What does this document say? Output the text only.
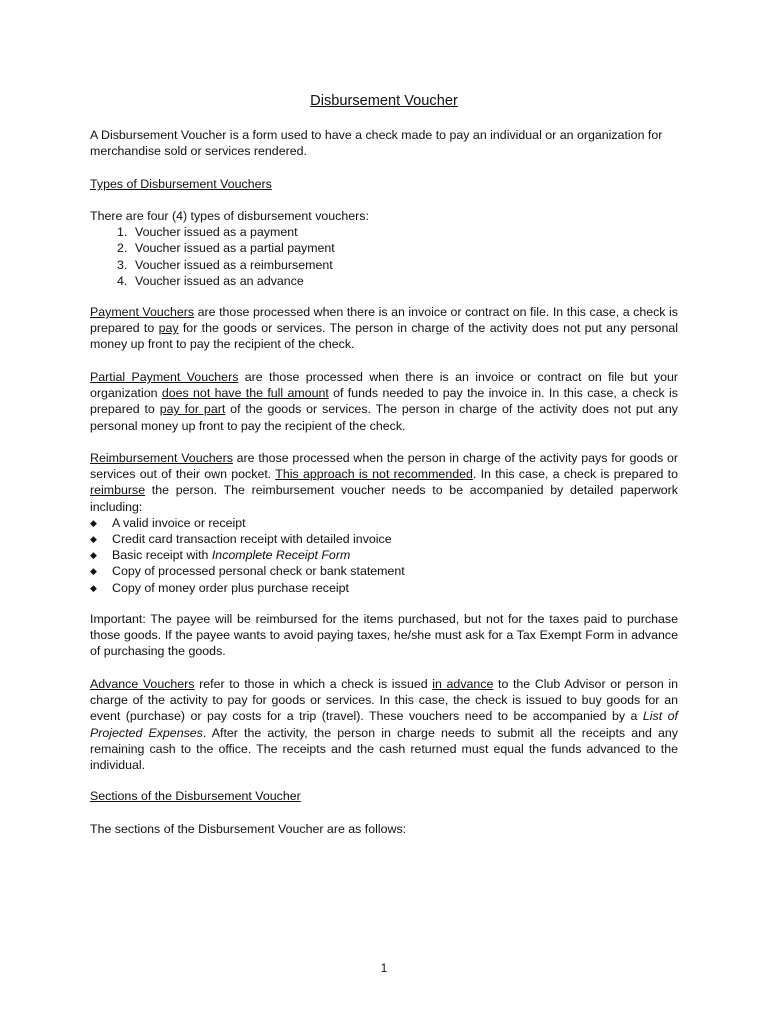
Disbursement Voucher

A Disbursement Voucher is a form used to have a check made to pay an individual or an organization for merchandise sold or services rendered.

Types of Disbursement Vouchers

There are four (4) types of disbursement vouchers:
1. Voucher issued as a payment
2. Voucher issued as a partial payment
3. Voucher issued as a reimbursement
4. Voucher issued as an advance

Payment Vouchers are those processed when there is an invoice or contract on file. In this case, a check is prepared to pay for the goods or services. The person in charge of the activity does not put any personal money up front to pay the recipient of the check.

Partial Payment Vouchers are those processed when there is an invoice or contract on file but your organization does not have the full amount of funds needed to pay the invoice in. In this case, a check is prepared to pay for part of the goods or services. The person in charge of the activity does not put any personal money up front to pay the recipient of the check.

Reimbursement Vouchers are those processed when the person in charge of the activity pays for goods or services out of their own pocket. This approach is not recommended. In this case, a check is prepared to reimburse the person. The reimbursement voucher needs to be accompanied by detailed paperwork including:

◆	A valid invoice or receipt
◆	Credit card transaction receipt with detailed invoice
◆	Basic receipt with Incomplete Receipt Form
◆	Copy of processed personal check or bank statement
◆	Copy of money order plus purchase receipt

Important: The payee will be reimbursed for the items purchased, but not for the taxes paid to purchase those goods. If the payee wants to avoid paying taxes, he/she must ask for a Tax Exempt Form in advance of purchasing the goods.

Advance Vouchers refer to those in which a check is issued in advance to the Club Advisor or person in charge of the activity to pay for goods or services. In this case, the check is issued to buy goods for an event (purchase) or pay costs for a trip (travel). These vouchers need to be accompanied by a List of Projected Expenses. After the activity, the person in charge needs to submit all the receipts and any remaining cash to the office. The receipts and the cash returned must equal the funds advanced to the individual.

Sections of the Disbursement Voucher

The sections of the Disbursement Voucher are as follows:

1
